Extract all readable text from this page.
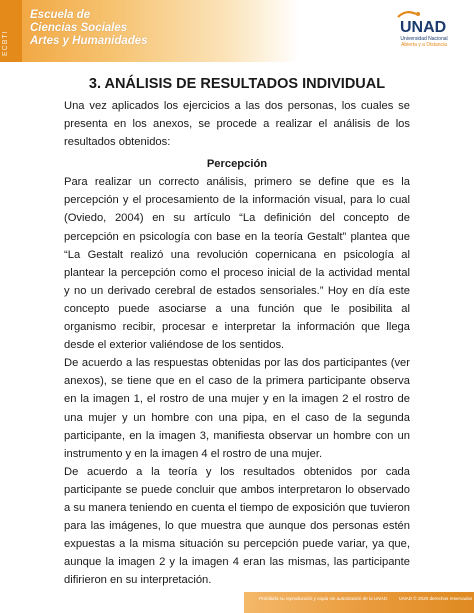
ECBTI
Escuela de
Ciencias Sociales
Artes y Humanidades
UNAD
Universidad Nacional
Abierta y a Distancia
3. ANÁLISIS DE RESULTADOS INDIVIDUAL

Una vez aplicados los ejercicios a las dos personas, los cuales se presenta en los anexos, se procede a realizar el análisis de los resultados obtenidos:

Percepción

Para realizar un correcto análisis, primero se define que es la percepción y el procesamiento de la información visual, para lo cual (Oviedo, 2004) en su artículo “La definición del concepto de percepción en psicología con base en la teoría Gestalt” plantea que “La Gestalt realizó una revolución copernicana en psicología al plantear la percepción como el proceso inicial de la actividad mental y no un derivado cerebral de estados sensoriales.” Hoy en día este concepto puede asociarse a una función que le posibilita al organismo recibir, procesar e interpretar la información que llega desde el exterior valiéndose de los sentidos.

De acuerdo a las respuestas obtenidas por las dos participantes (ver anexos), se tiene que en el caso de la primera participante observa en la imagen 1, el rostro de una mujer y en la imagen 2 el rostro de una mujer y un hombre con una pipa, en el caso de la segunda participante, en la imagen 3, manifiesta observar un hombre con un instrumento y en la imagen 4 el rostro de una mujer.

De acuerdo a la teoría y los resultados obtenidos por cada participante se puede concluir que ambos interpretaron lo observado a su manera teniendo en cuenta el tiempo de exposición que tuvieron para las imágenes, lo que muestra que aunque dos personas estén expuestas a la misma situación su percepción puede variar, ya que, aunque la imagen 2 y la imagen 4 eran las mismas, las participante difirieron en su interpretación.

Prohibida su reproducción y copia sin autorización de la UNAD. UNAD © 2020 derechos reservados
